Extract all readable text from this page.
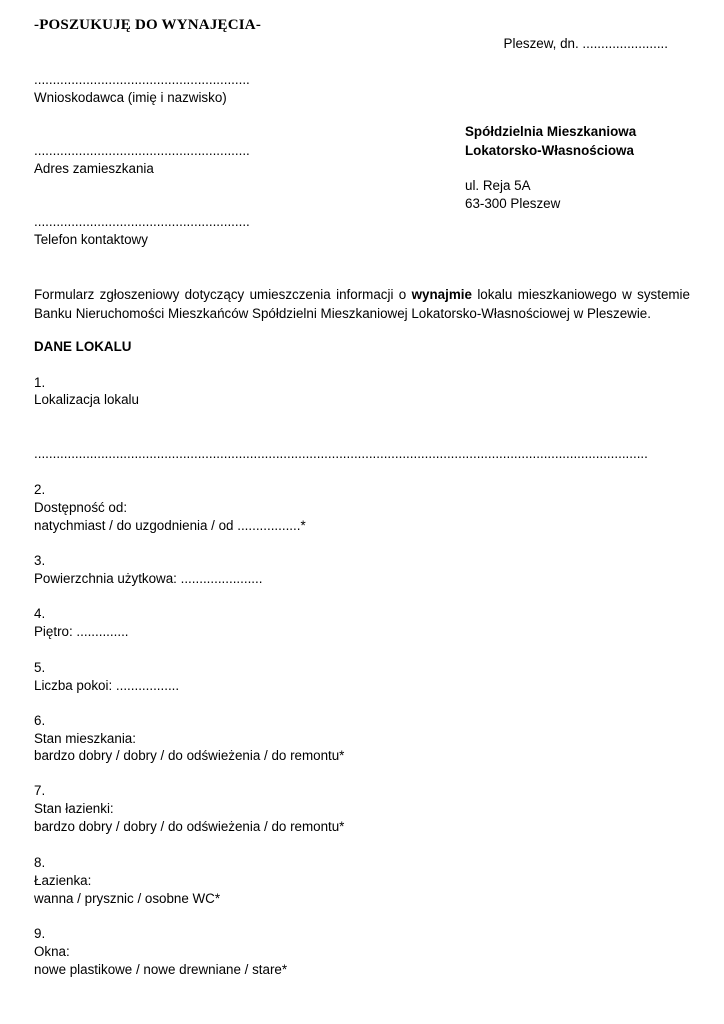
-POSZUKUJĘ DO WYNAJĘCIA-
Pleszew, dn. .......................
..........................................................
Wnioskodawca (imię i nazwisko)
..........................................................
Adres zamieszkania
..........................................................
Telefon kontaktowy
Spółdzielnia Mieszkaniowa
Lokatorsko-Własnościowa
ul. Reja 5A
63-300 Pleszew
Formularz zgłoszeniowy dotyczący umieszczenia informacji o wynajmie lokalu mieszkaniowego w systemie Banku Nieruchomości Mieszkańców Spółdzielni Mieszkaniowej Lokatorsko-Własnościowej w Pleszewie.
DANE LOKALU
1.
Lokalizacja lokalu
.....................................................................................................................................................................
2.
Dostępność od:
natychmiast / do uzgodnienia / od .................*
3.
Powierzchnia użytkowa: ......................
4.
Piętro: ..............
5.
Liczba pokoi: .................
6.
Stan mieszkania:
bardzo dobry / dobry / do odświeżenia / do remontu*
7.
Stan łazienki:
bardzo dobry / dobry / do odświeżenia / do remontu*
8.
Łazienka:
wanna / prysznic / osobne WC*
9.
Okna:
nowe plastikowe / nowe drewniane / stare*
